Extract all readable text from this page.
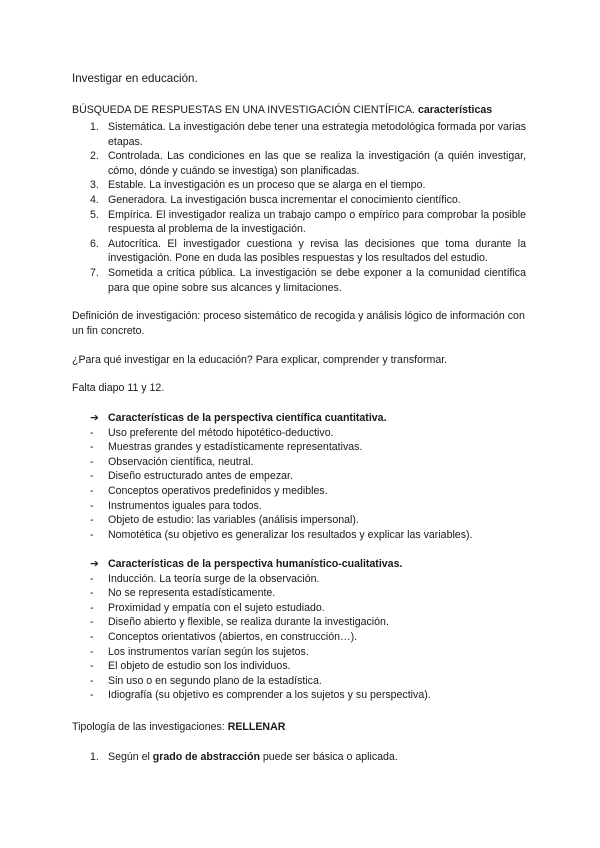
Investigar en educación.
BÚSQUEDA DE RESPUESTAS EN UNA INVESTIGACIÓN CIENTÍFICA. características
1. Sistemática. La investigación debe tener una estrategia metodológica formada por varias etapas.
2. Controlada. Las condiciones en las que se realiza la investigación (a quién investigar, cómo, dónde y cuándo se investiga) son planificadas.
3. Estable. La investigación es un proceso que se alarga en el tiempo.
4. Generadora. La investigación busca incrementar el conocimiento científico.
5. Empírica. El investigador realiza un trabajo campo o empírico para comprobar la posible respuesta al problema de la investigación.
6. Autocrítica. El investigador cuestiona y revisa las decisiones que toma durante la investigación. Pone en duda las posibles respuestas y los resultados del estudio.
7. Sometida a crítica pública. La investigación se debe exponer a la comunidad científica para que opine sobre sus alcances y limitaciones.
Definición de investigación: proceso sistemático de recogida y análisis lógico de información con un fin concreto.
¿Para qué investigar en la educación? Para explicar, comprender y transformar.
Falta diapo 11 y 12.
➔ Características de la perspectiva científica cuantitativa.
- Uso preferente del método hipotético-deductivo.
- Muestras grandes y estadísticamente representativas.
- Observación científica, neutral.
- Diseño estructurado antes de empezar.
- Conceptos operativos predefinidos y medibles.
- Instrumentos iguales para todos.
- Objeto de estudio: las variables (análisis impersonal).
- Nomotética (su objetivo es generalizar los resultados y explicar las variables).
➔ Características de la perspectiva humanístico-cualitativas.
- Inducción. La teoría surge de la observación.
- No se representa estadísticamente.
- Proximidad y empatía con el sujeto estudiado.
- Diseño abierto y flexible, se realiza durante la investigación.
- Conceptos orientativos (abiertos, en construcción…).
- Los instrumentos varían según los sujetos.
- El objeto de estudio son los individuos.
- Sin uso o en segundo plano de la estadística.
- Idiografía (su objetivo es comprender a los sujetos y su perspectiva).
Tipología de las investigaciones: RELLENAR
1. Según el grado de abstracción puede ser básica o aplicada.
